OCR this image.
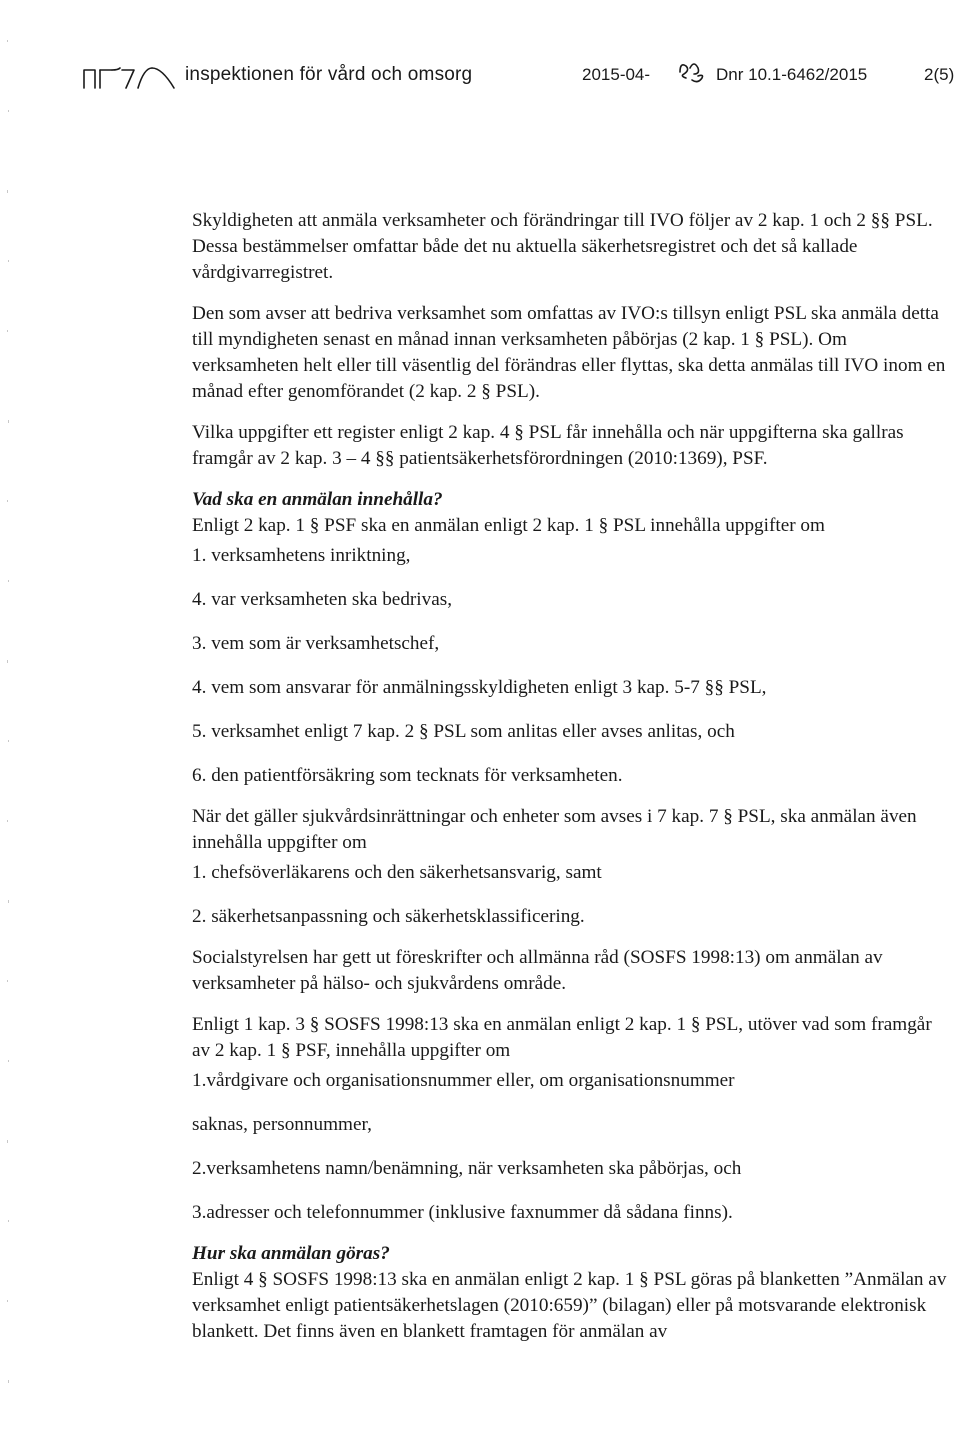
inspektionen för vård och omsorg	2015-04-	Dnr 10.1-6462/2015	2(5)

Skyldigheten att anmäla verksamheter och förändringar till IVO följer av 2 kap. 1 och 2 §§ PSL. Dessa bestämmelser omfattar både det nu aktuella säkerhetsregistret och det så kallade vårdgivarregistret.

Den som avser att bedriva verksamhet som omfattas av IVO:s tillsyn enligt PSL ska anmäla detta till myndigheten senast en månad innan verksamheten påbörjas (2 kap. 1 § PSL). Om verksamheten helt eller till väsentlig del förändras eller flyttas, ska detta anmälas till IVO inom en månad efter genomförandet (2 kap. 2 § PSL).

Vilka uppgifter ett register enligt 2 kap. 4 § PSL får innehålla och när uppgifterna ska gallras framgår av 2 kap. 3 – 4 §§ patientsäkerhetsförordningen (2010:1369), PSF.

Vad ska en anmälan innehålla?

Enligt 2 kap. 1 § PSF ska en anmälan enligt 2 kap. 1 § PSL innehålla uppgifter om

1. verksamhetens inriktning,

4. var verksamheten ska bedrivas,

3. vem som är verksamhetschef,

4. vem som ansvarar för anmälningsskyldigheten enligt 3 kap. 5-7 §§ PSL,

5. verksamhet enligt 7 kap. 2 § PSL som anlitas eller avses anlitas, och

6. den patientförsäkring som tecknats för verksamheten.

När det gäller sjukvårdsinrättningar och enheter som avses i 7 kap. 7 § PSL, ska anmälan även innehålla uppgifter om

1. chefsöverläkarens och den säkerhetsansvarig, samt

2. säkerhetsanpassning och säkerhetsklassificering.

Socialstyrelsen har gett ut föreskrifter och allmänna råd (SOSFS 1998:13) om anmälan av verksamheter på hälso- och sjukvårdens område.

Enligt 1 kap. 3 § SOSFS 1998:13 ska en anmälan enligt 2 kap. 1 § PSL, utöver vad som framgår av 2 kap. 1 § PSF, innehålla uppgifter om

1.vårdgivare och organisationsnummer eller, om organisationsnummer

saknas, personnummer,

2.verksamhetens namn/benämning, när verksamheten ska påbörjas, och

3.adresser och telefonnummer (inklusive faxnummer då sådana finns).

Hur ska anmälan göras?

Enligt 4 § SOSFS 1998:13 ska en anmälan enligt 2 kap. 1 § PSL göras på blanketten ”Anmälan av verksamhet enligt patientsäkerhetslagen (2010:659)” (bilagan) eller på motsvarande elektronisk blankett. Det finns även en blankett framtagen för anmälan av
